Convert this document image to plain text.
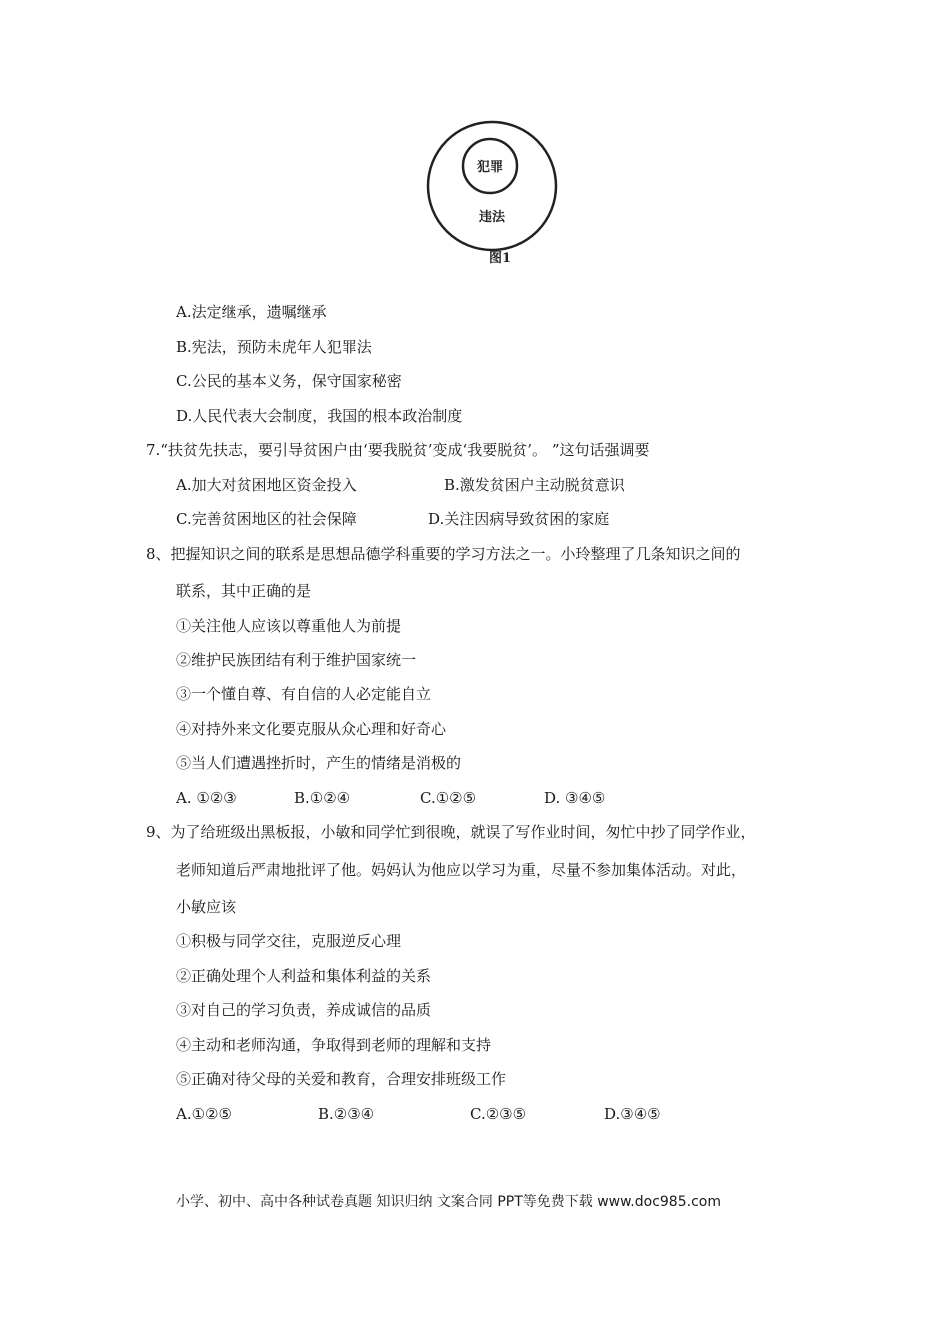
犯罪
违法
图1
A.法定继承，遗嘱继承
B.宪法，预防未虎年人犯罪法
C.公民的基本义务，保守国家秘密
D.人民代表大会制度，我国的根本政治制度
7.“扶贫先扶志，要引导贫困户由‘要我脱贫’变成‘我要脱贫’。 ”这句话强调要
A.加大对贫困地区资金投入	B.激发贫困户主动脱贫意识
C.完善贫困地区的社会保障	D.关注因病导致贫困的家庭
8、把握知识之间的联系是思想品德学科重要的学习方法之一。小玲整理了几条知识之间的
联系，其中正确的是
①关注他人应该以尊重他人为前提
②维护民族团结有利于维护国家统一
③一个懂自尊、有自信的人必定能自立
④对持外来文化要克服从众心理和好奇心
⑤当人们遭遇挫折时，产生的情绪是消极的
A. ①②③	B.①②④	C.①②⑤	D. ③④⑤
9、为了给班级出黑板报，小敏和同学忙到很晚，就误了写作业时间，匆忙中抄了同学作业，
老师知道后严肃地批评了他。妈妈认为他应以学习为重，尽量不参加集体活动。对此，
小敏应该
①积极与同学交往，克服逆反心理
②正确处理个人利益和集体利益的关系
③对自己的学习负责，养成诚信的品质
④主动和老师沟通，争取得到老师的理解和支持
⑤正确对待父母的关爱和教育，合理安排班级工作
A.①②⑤	B.②③④	C.②③⑤	D.③④⑤
小学、初中、高中各种试卷真题 知识归纳 文案合同 PPT等免费下载 www.doc985.com
